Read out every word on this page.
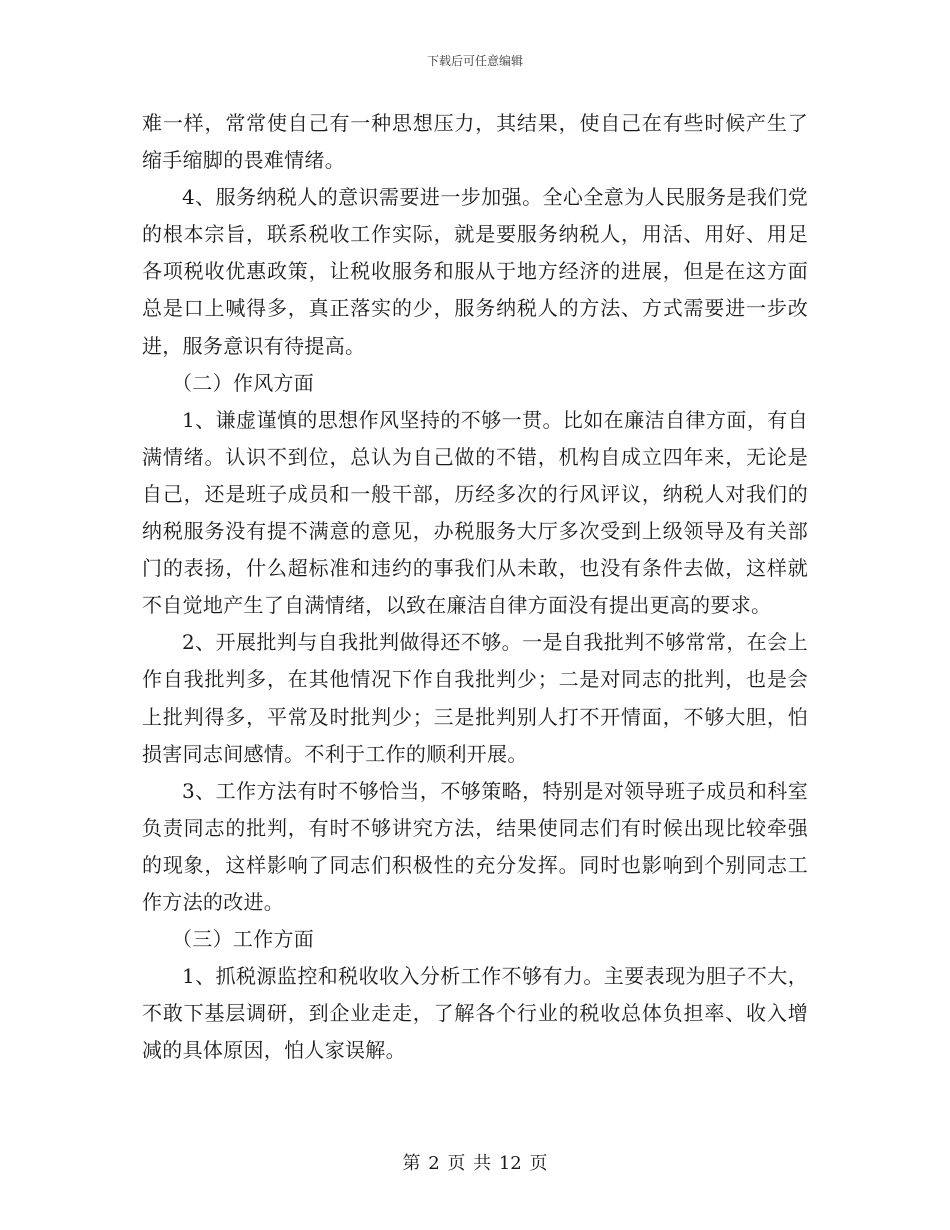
下载后可任意编辑

难一样，常常使自己有一种思想压力，其结果，使自己在有些时候产生了缩手缩脚的畏难情绪。

4、服务纳税人的意识需要进一步加强。全心全意为人民服务是我们党的根本宗旨，联系税收工作实际，就是要服务纳税人，用活、用好、用足各项税收优惠政策，让税收服务和服从于地方经济的进展，但是在这方面总是口上喊得多，真正落实的少，服务纳税人的方法、方式需要进一步改进，服务意识有待提高。

（二）作风方面

1、谦虚谨慎的思想作风坚持的不够一贯。比如在廉洁自律方面，有自满情绪。认识不到位，总认为自己做的不错，机构自成立四年来，无论是自己，还是班子成员和一般干部，历经多次的行风评议，纳税人对我们的纳税服务没有提不满意的意见，办税服务大厅多次受到上级领导及有关部门的表扬，什么超标准和违约的事我们从未敢，也没有条件去做，这样就不自觉地产生了自满情绪，以致在廉洁自律方面没有提出更高的要求。

2、开展批判与自我批判做得还不够。一是自我批判不够常常，在会上作自我批判多，在其他情况下作自我批判少；二是对同志的批判，也是会上批判得多，平常及时批判少；三是批判别人打不开情面，不够大胆，怕损害同志间感情。不利于工作的顺利开展。

3、工作方法有时不够恰当，不够策略，特别是对领导班子成员和科室负责同志的批判，有时不够讲究方法，结果使同志们有时候出现比较牵强的现象，这样影响了同志们积极性的充分发挥。同时也影响到个别同志工作方法的改进。

（三）工作方面

1、抓税源监控和税收收入分析工作不够有力。主要表现为胆子不大，不敢下基层调研，到企业走走，了解各个行业的税收总体负担率、收入增减的具体原因，怕人家误解。

第 2 页 共 12 页
